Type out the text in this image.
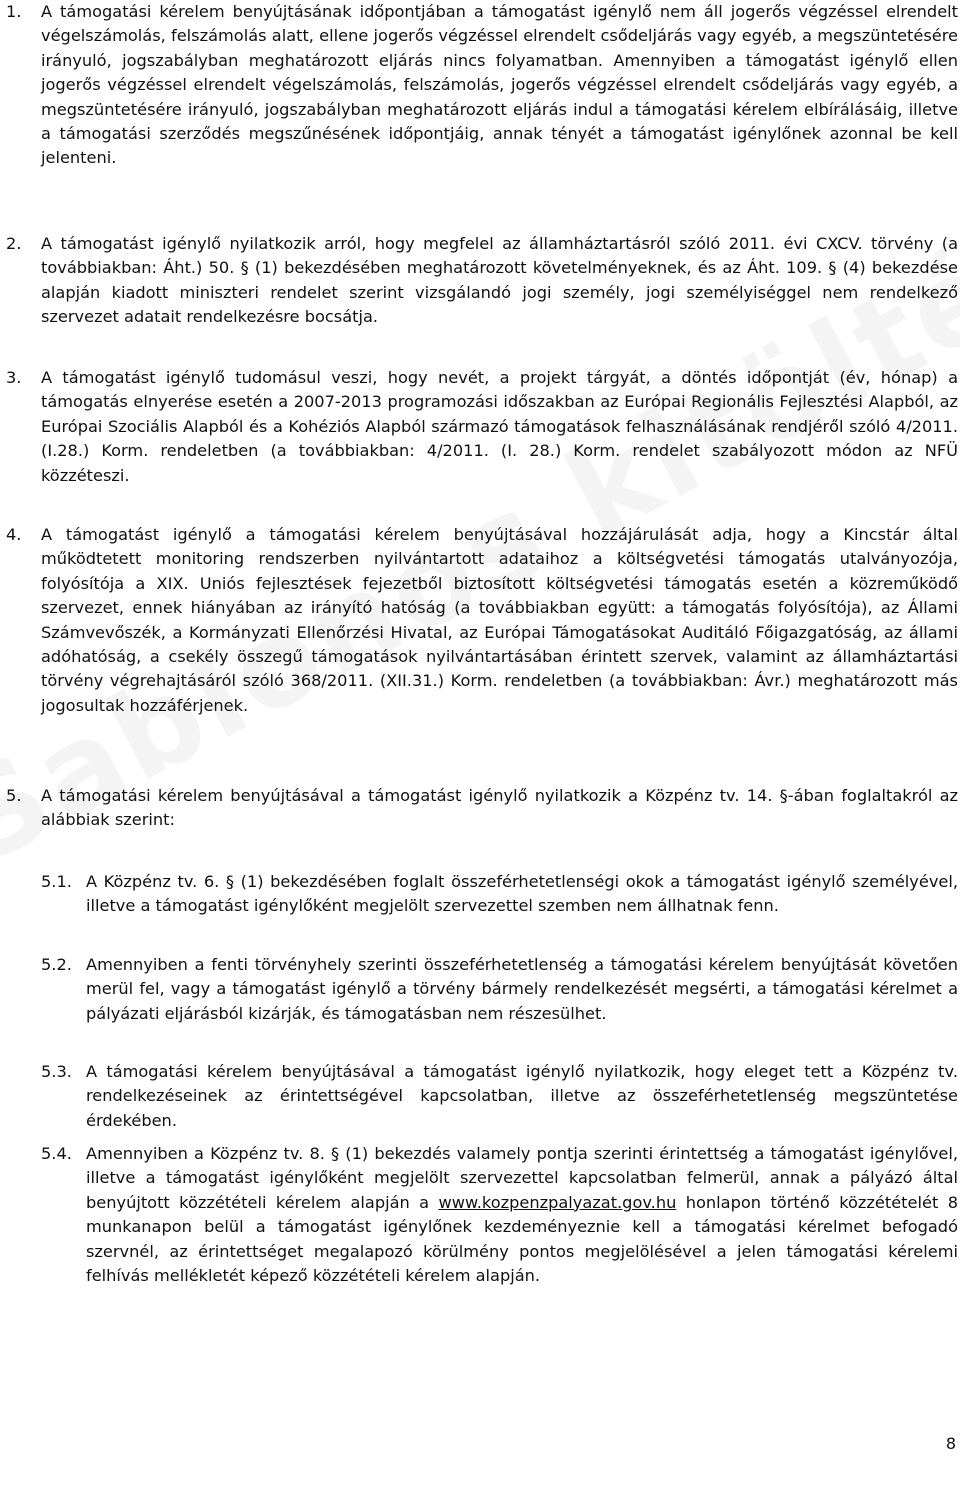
1. A támogatási kérelem benyújtásának időpontjában a támogatást igénylő nem áll jogerős végzéssel elrendelt végelszámolás, felszámolás alatt, ellene jogerős végzéssel elrendelt csődeljárás vagy egyéb, a megszüntetésére irányuló, jogszabályban meghatározott eljárás nincs folyamatban. Amennyiben a támogatást igénylő ellen jogerős végzéssel elrendelt végelszámolás, felszámolás, jogerős végzéssel elrendelt csődeljárás vagy egyéb, a megszüntetésére irányuló, jogszabályban meghatározott eljárás indul a támogatási kérelem elbírálásáig, illetve a támogatási szerződés megszűnésének időpontjáig, annak tényét a támogatást igénylőnek azonnal be kell jelenteni.
2. A támogatást igénylő nyilatkozik arról, hogy megfelel az államháztartásról szóló 2011. évi CXCV. törvény (a továbbiakban: Áht.) 50. § (1) bekezdésében meghatározott követelményeknek, és az Áht. 109. § (4) bekezdése alapján kiadott miniszteri rendelet szerint vizsgálandó jogi személy, jogi személyiséggel nem rendelkező szervezet adatait rendelkezésre bocsátja.
3. A támogatást igénylő tudomásul veszi, hogy nevét, a projekt tárgyát, a döntés időpontját (év, hónap) a támogatás elnyerése esetén a 2007-2013 programozási időszakban az Európai Regionális Fejlesztési Alapból, az Európai Szociális Alapból és a Kohéziós Alapból származó támogatások felhasználásának rendjéről szóló 4/2011. (I.28.) Korm. rendeletben (a továbbiakban: 4/2011. (I. 28.) Korm. rendelet szabályozott módon az NFÜ közzéteszi.
4. A támogatást igénylő a támogatási kérelem benyújtásával hozzájárulását adja, hogy a Kincstár által működtetett monitoring rendszerben nyilvántartott adataihoz a költségvetési támogatás utalványozója, folyósítója a XIX. Uniós fejlesztések fejezetből biztosított költségvetési támogatás esetén a közreműködő szervezet, ennek hiányában az irányító hatóság (a továbbiakban együtt: a támogatás folyósítója), az Állami Számvevőszék, a Kormányzati Ellenőrzési Hivatal, az Európai Támogatásokat Auditáló Főigazgatóság, az állami adóhatóság, a csekély összegű támogatások nyilvántartásában érintett szervek, valamint az államháztartási törvény végrehajtásáról szóló 368/2011. (XII.31.) Korm. rendeletben (a továbbiakban: Ávr.) meghatározott más jogosultak hozzáférjenek.
5. A támogatási kérelem benyújtásával a támogatást igénylő nyilatkozik a Közpénz tv. 14. §-ában foglaltakról az alábbiak szerint:
5.1. A Közpénz tv. 6. § (1) bekezdésében foglalt összeférhetetlenségi okok a támogatást igénylő személyével, illetve a támogatást igénylőként megjelölt szervezettel szemben nem állhatnak fenn.
5.2. Amennyiben a fenti törvényhely szerinti összeférhetetlenség a támogatási kérelem benyújtását követően merül fel, vagy a támogatást igénylő a törvény bármely rendelkezését megsérti, a támogatási kérelmet a pályázati eljárásból kizárják, és támogatásban nem részesülhet.
5.3. A támogatási kérelem benyújtásával a támogatást igénylő nyilatkozik, hogy eleget tett a Közpénz tv. rendelkezéseinek az érintettségével kapcsolatban, illetve az összeférhetetlenség megszüntetése érdekében.
5.4. Amennyiben a Közpénz tv. 8. § (1) bekezdés valamely pontja szerinti érintettség a támogatást igénylővel, illetve a támogatást igénylőként megjelölt szervezettel kapcsolatban felmerül, annak a pályázó által benyújtott közzétételi kérelem alapján a www.kozpenzpalyazat.gov.hu honlapon történő közzétételét 8 munkanapon belül a támogatást igénylőnek kezdeményeznie kell a támogatási kérelmet befogadó szervnél, az érintettséget megalapozó körülmény pontos megjelölésével a jelen támogatási kérelemi felhívás mellékletét képező közzétételi kérelem alapján.
8
